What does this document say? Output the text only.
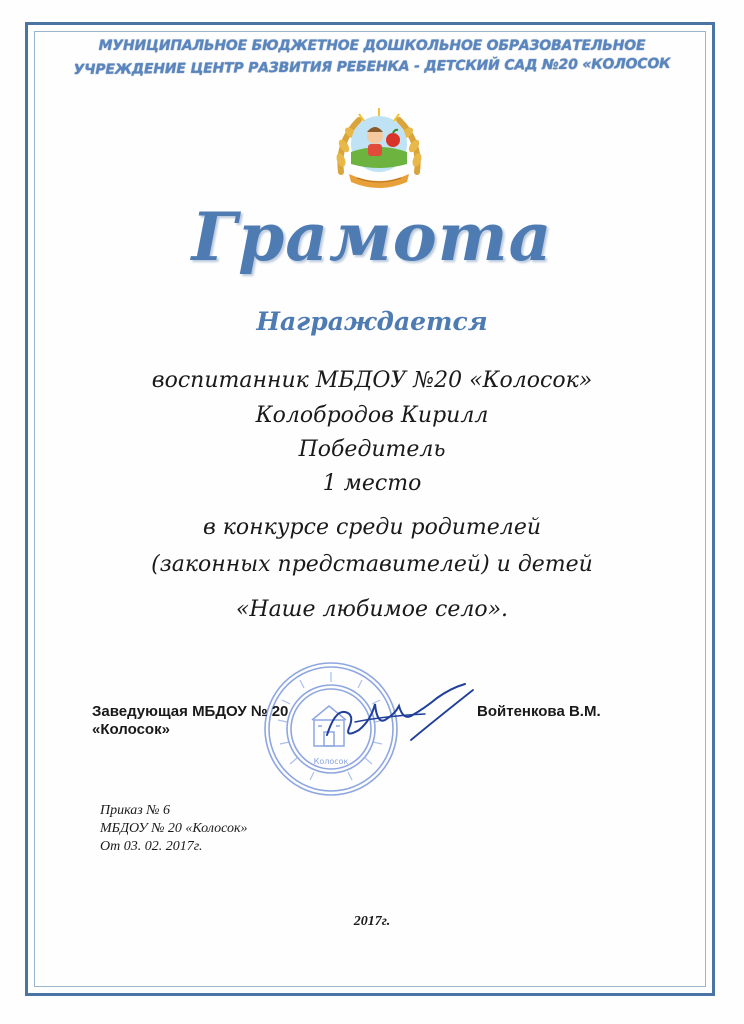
МУНИЦИПАЛЬНОЕ БЮДЖЕТНОЕ ДОШКОЛЬНОЕ ОБРАЗОВАТЕЛЬНОЕ
УЧРЕЖДЕНИЕ ЦЕНТР РАЗВИТИЯ РЕБЕНКА - ДЕТСКИЙ САД №20 «КОЛОСОК
Грамота
Награждается
воспитанник МБДОУ №20 «Колосок»
Колобродов Кирилл
Победитель
1 место
в конкурсе среди родителей
(законных представителей) и детей
«Наше любимое село».
Колосок
Заведующая МБДОУ № 20
«Колосок»
Войтенкова В.М.
Приказ № 6
МБДОУ № 20 «Колосок»
От 03. 02. 2017г.
2017г.
